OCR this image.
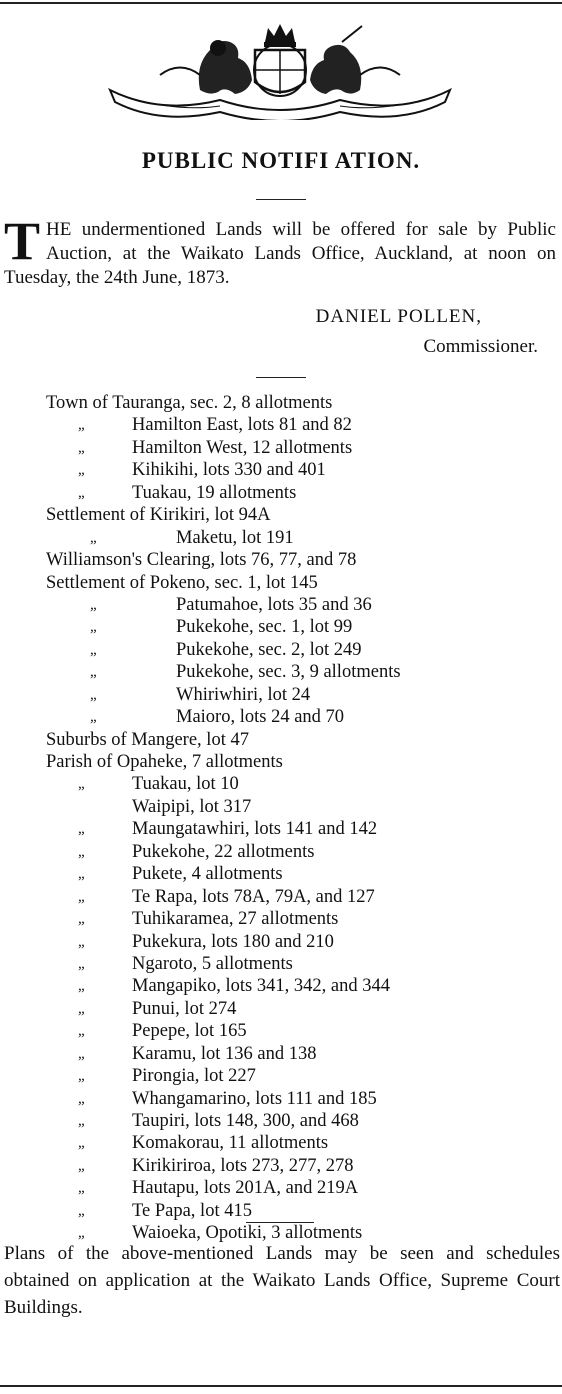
PUBLIC NOTIFI ATION.
THE undermentioned Lands will be offered for sale by Public Auction, at the Waikato Lands Office, Auckland, at noon on Tuesday, the 24th June, 1873.
DANIEL POLLEN,
Commissioner.
Town of Tauranga, sec. 2, 8 allotments
„	Hamilton East, lots 81 and 82
„	Hamilton West, 12 allotments
„	Kihikihi, lots 330 and 401
„	Tuakau, 19 allotments
Settlement of Kirikiri, lot 94A
„	Maketu, lot 191
Williamson's Clearing, lots 76, 77, and 78
Settlement of Pokeno, sec. 1, lot 145
„	Patumahoe, lots 35 and 36
„	Pukekohe, sec. 1, lot 99
„	Pukekohe, sec. 2, lot 249
„	Pukekohe, sec. 3, 9 allotments
„	Whiriwhiri, lot 24
„	Maioro, lots 24 and 70
Suburbs of Mangere, lot 47
Parish of Opaheke, 7 allotments
„	Tuakau, lot 10
Waipipi, lot 317
„	Maungatawhiri, lots 141 and 142
„	Pukekohe, 22 allotments
„	Pukete, 4 allotments
„	Te Rapa, lots 78A, 79A, and 127
„	Tuhikaramea, 27 allotments
„	Pukekura, lots 180 and 210
„	Ngaroto, 5 allotments
„	Mangapiko, lots 341, 342, and 344
„	Punui, lot 274
„	Pepepe, lot 165
„	Karamu, lot 136 and 138
„	Pirongia, lot 227
„	Whangamarino, lots 111 and 185
„	Taupiri, lots 148, 300, and 468
„	Komakorau, 11 allotments
„	Kirikiriroa, lots 273, 277, 278
„	Hautapu, lots 201A, and 219A
„	Te Papa, lot 415
„	Waioeka, Opotiki, 3 allotments
Plans of the above-mentioned Lands may be seen and schedules obtained on application at the Waikato Lands Office, Supreme Court Buildings.
